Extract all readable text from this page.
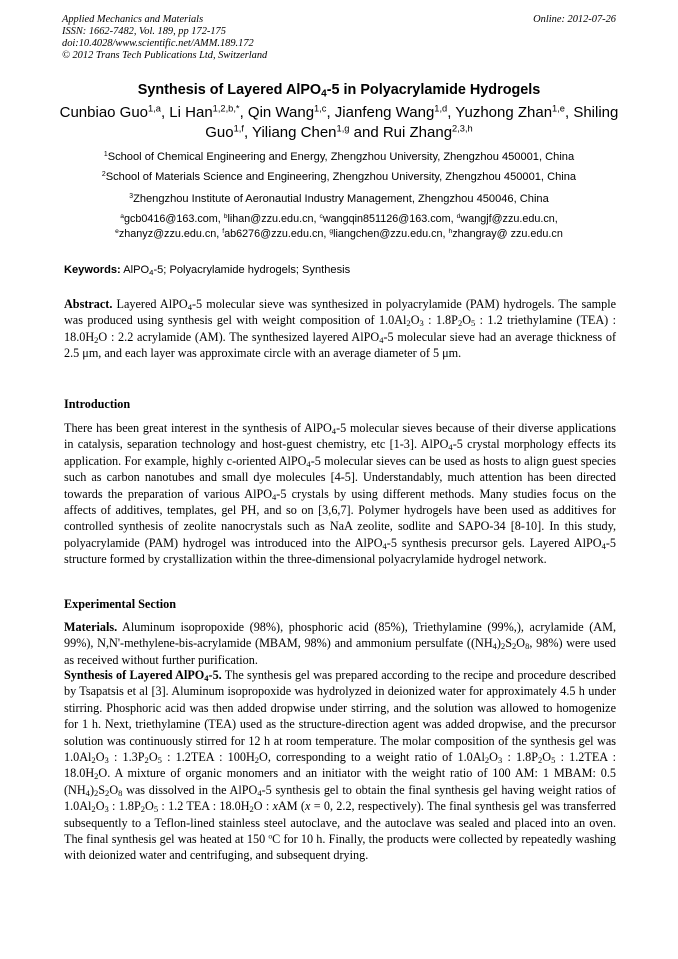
Applied Mechanics and Materials
ISSN: 1662-7482, Vol. 189, pp 172-175
doi:10.4028/www.scientific.net/AMM.189.172
© 2012 Trans Tech Publications Ltd, Switzerland
Online: 2012-07-26
Synthesis of Layered AlPO$_4$-5 in Polyacrylamide Hydrogels
Cunbiao Guo$^{1,a}$, Li Han$^{1,2,b,*}$, Qin Wang$^{1,c}$, Jianfeng Wang$^{1,d}$, Yuzhong Zhan$^{1,e}$, Shiling Guo$^{1,f}$, Yiliang Chen$^{1,g}$ and Rui Zhang$^{2,3,h}$
$^1$School of Chemical Engineering and Energy, Zhengzhou University, Zhengzhou 450001, China
$^2$School of Materials Science and Engineering, Zhengzhou University, Zhengzhou 450001, China
$^3$Zhengzhou Institute of Aeronautial Industry Management, Zhengzhou 450046, China
$^a$gcb0416@163.com, $^b$lihan@zzu.edu.cn, $^c$wangqin851126@163.com, $^d$wangjf@zzu.edu.cn,
$^e$zhanyz@zzu.edu.cn, $^f$ab6276@zzu.edu.cn, $^g$liangchen@zzu.edu.cn, $^h$zhangray@ zzu.edu.cn
Keywords: AlPO$_4$-5; Polyacrylamide hydrogels; Synthesis
Abstract. Layered AlPO$_4$-5 molecular sieve was synthesized in polyacrylamide (PAM) hydrogels. The sample was produced using synthesis gel with weight composition of $1.0Al_2O_3$ : $1.8P_2O_5$ : 1.2 triethylamine (TEA) : $18.0H_2O$ : 2.2 acrylamide (AM). The synthesized layered AlPO$_4$-5 molecular sieve had an average thickness of 2.5 μm, and each layer was approximate circle with an average diameter of 5 μm.
Introduction
There has been great interest in the synthesis of AlPO$_4$-5 molecular sieves because of their diverse applications in catalysis, separation technology and host-guest chemistry, etc [1-3]. AlPO$_4$-5 crystal morphology effects its application. For example, highly c-oriented AlPO$_4$-5 molecular sieves can be used as hosts to align guest species such as carbon nanotubes and small dye molecules [4-5]. Understandably, much attention has been directed towards the preparation of various AlPO$_4$-5 crystals by using different methods. Many studies focus on the affects of additives, templates, gel PH, and so on [3,6,7]. Polymer hydrogels have been used as additives for controlled synthesis of zeolite nanocrystals such as NaA zeolite, sodlite and SAPO-34 [8-10]. In this study, polyacrylamide (PAM) hydrogel was introduced into the AlPO$_4$-5 synthesis precursor gels. Layered AlPO$_4$-5 structure formed by crystallization within the three-dimensional polyacrylamide hydrogel network.
Experimental Section
Materials. Aluminum isopropoxide (98%), phosphoric acid (85%), Triethylamine (99%,), acrylamide (AM, 99%), N,N'-methylene-bis-acrylamide (MBAM, 98%) and ammonium persulfate ($(NH_4)_2S_2O_8$, 98%) were used as received without further purification.
Synthesis of Layered AlPO$_4$-5. The synthesis gel was prepared according to the recipe and procedure described by Tsapatsis et al [3]. Aluminum isopropoxide was hydrolyzed in deionized water for approximately 4.5 h under stirring. Phosphoric acid was then added dropwise under stirring, and the solution was allowed to homogenize for 1 h. Next, triethylamine (TEA) used as the structure-direction agent was added dropwise, and the precursor solution was continuously stirred for 12 h at room temperature. The molar composition of the synthesis gel was $1.0Al_2O_3$ : $1.3P_2O_5$ : 1.2TEA : $100H_2O$, corresponding to a weight ratio of $1.0Al_2O_3$ : $1.8P_2O_5$ : 1.2TEA : $18.0H_2O$. A mixture of organic monomers and an initiator with the weight ratio of 100 AM: 1 MBAM: 0.5 $(NH_4)_2S_2O_8$ was dissolved in the AlPO$_4$-5 synthesis gel to obtain the final synthesis gel having weight ratios of $1.0Al_2O_3$ : $1.8P_2O_5$ : 1.2 TEA : $18.0H_2O$ : xAM (x = 0, 2.2, respectively). The final synthesis gel was transferred subsequently to a Teflon-lined stainless steel autoclave, and the autoclave was sealed and placed into an oven. The final synthesis gel was heated at 150 $^o$C for 10 h. Finally, the products were collected by repeatedly washing with deionized water and centrifuging, and subsequent drying.
